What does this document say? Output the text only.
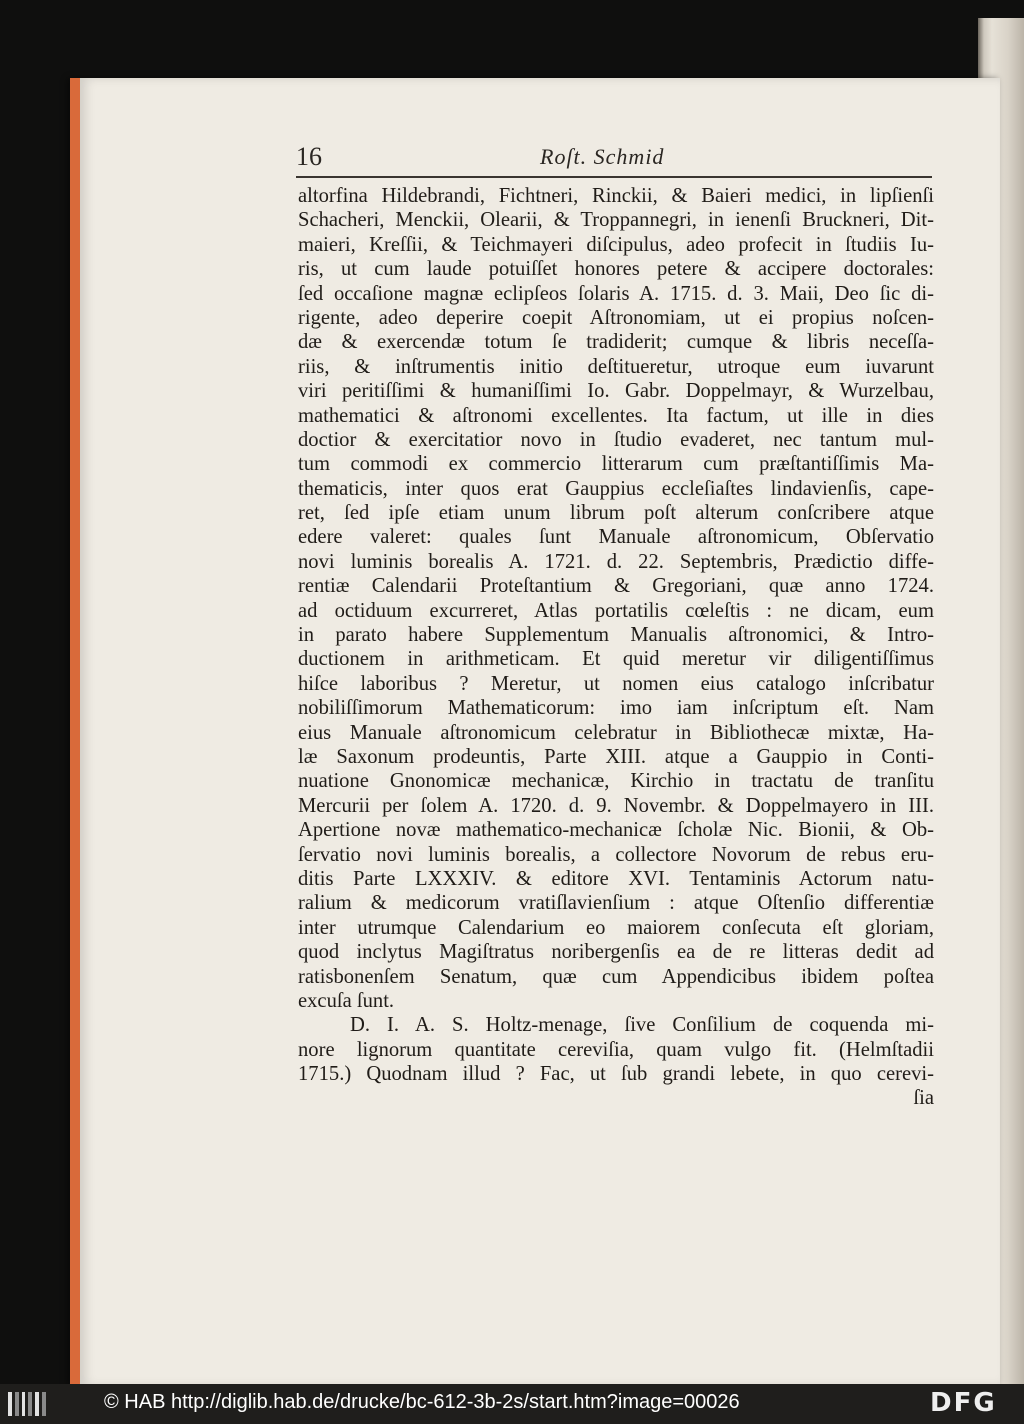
16	Roſt. Schmid
altorfina Hildebrandi, Fichtneri, Rinckii, & Baieri medici, in lipſienſi
Schacheri, Menckii, Olearii, & Troppannegri, in ienenſi Bruckneri, Dit-
maieri, Kreſſii, & Teichmayeri diſcipulus, adeo profecit in ſtudiis Iu-
ris, ut cum laude potuiſſet honores petere & accipere doctorales:
ſed occaſione magnæ eclipſeos ſolaris A. 1715. d. 3. Maii, Deo ſic di-
rigente, adeo deperire coepit Aſtronomiam, ut ei propius noſcen-
dæ & exercendæ totum ſe tradiderit; cumque & libris neceſſa-
riis, & inſtrumentis initio deſtitueretur, utroque eum iuvarunt
viri peritiſſimi & humaniſſimi Io. Gabr. Doppelmayr, & Wurzelbau,
mathematici & aſtronomi excellentes. Ita factum, ut ille in dies
doctior & exercitatior novo in ſtudio evaderet, nec tantum mul-
tum commodi ex commercio litterarum cum præſtantiſſimis Ma-
thematicis, inter quos erat Gauppius eccleſiaſtes lindavienſis, cape-
ret, ſed ipſe etiam unum librum poſt alterum conſcribere atque
edere valeret: quales ſunt Manuale aſtronomicum, Obſervatio
novi luminis borealis A. 1721. d. 22. Septembris, Prædictio diffe-
rentiæ Calendarii Proteſtantium & Gregoriani, quæ anno 1724.
ad octiduum excurreret, Atlas portatilis cœleſtis : ne dicam, eum
in parato habere Supplementum Manualis aſtronomici, & Intro-
ductionem in arithmeticam. Et quid meretur vir diligentiſſimus
hiſce laboribus ? Meretur, ut nomen eius catalogo inſcribatur
nobiliſſimorum Mathematicorum: imo iam inſcriptum eſt. Nam
eius Manuale aſtronomicum celebratur in Bibliothecæ mixtæ, Ha-
læ Saxonum prodeuntis, Parte XIII. atque a Gauppio in Conti-
nuatione Gnonomicæ mechanicæ, Kirchio in tractatu de tranſitu
Mercurii per ſolem A. 1720. d. 9. Novembr. & Doppelmayero in III.
Apertione novæ mathematico-mechanicæ ſcholæ Nic. Bionii, & Ob-
ſervatio novi luminis borealis, a collectore Novorum de rebus eru-
ditis Parte LXXXIV. & editore XVI. Tentaminis Actorum natu-
ralium & medicorum vratiſlavienſium : atque Oſtenſio differentiæ
inter utrumque Calendarium eo maiorem conſecuta eſt gloriam,
quod inclytus Magiſtratus noribergenſis ea de re litteras dedit ad
ratisbonenſem Senatum, quæ cum Appendicibus ibidem poſtea
excuſa ſunt.
D. I. A. S. Holtz-menage, ſive Conſilium de coquenda mi-
nore lignorum quantitate cereviſia, quam vulgo fit. (Helmſtadii
1715.) Quodnam illud ? Fac, ut ſub grandi lebete, in quo cerevi-
ſia
© HAB http://diglib.hab.de/drucke/bc-612-3b-2s/start.htm?image=00026	DFG
